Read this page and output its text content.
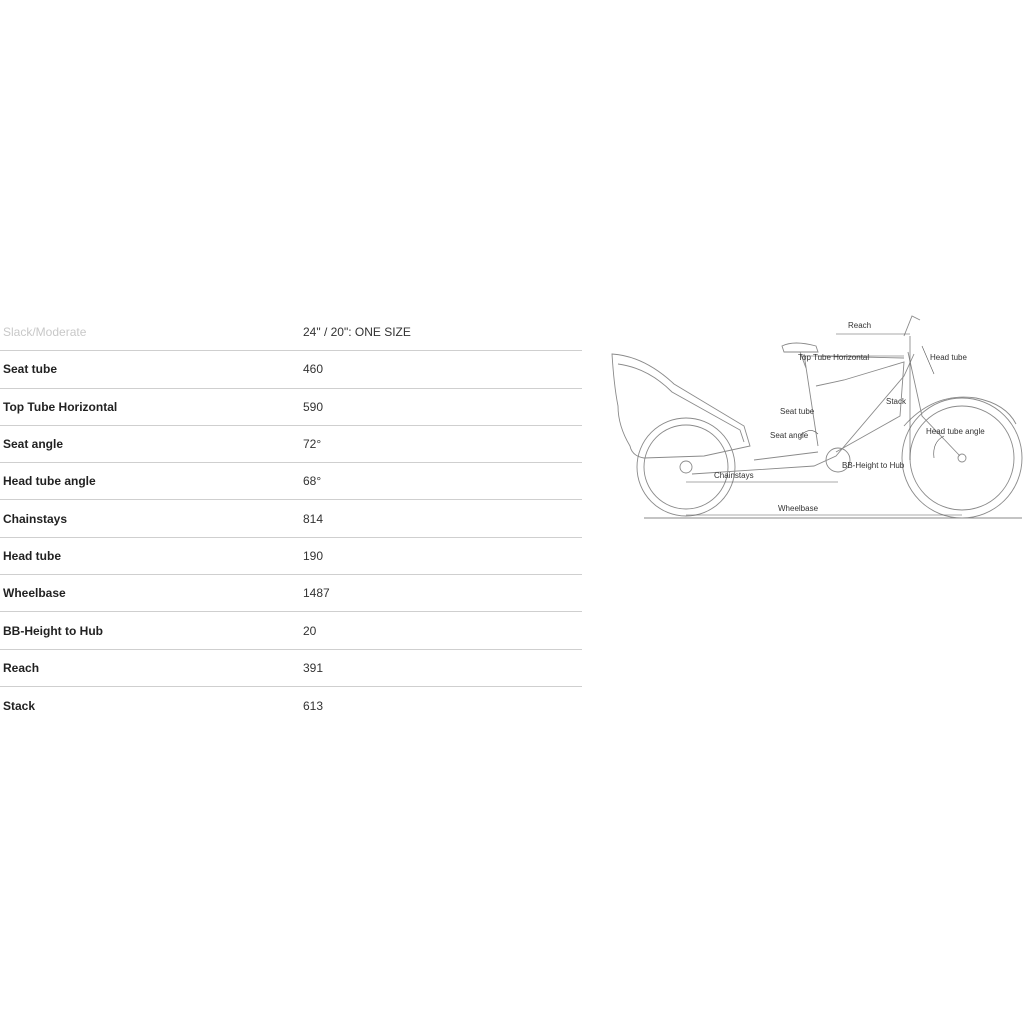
Slack/Moderate	24" / 20": ONE SIZE
Seat tube	460
Top Tube Horizontal	590
Seat angle	72°
Head tube angle	68°
Chainstays	814
Head tube	190
Wheelbase	1487
BB-Height to Hub	20
Reach	391
Stack	613
Reach
Top Tube Horizontal	Head tube
Seat tube
Stack
Seat angle	Head tube angle
BB-Height to Hub
Chainstays
Wheelbase
